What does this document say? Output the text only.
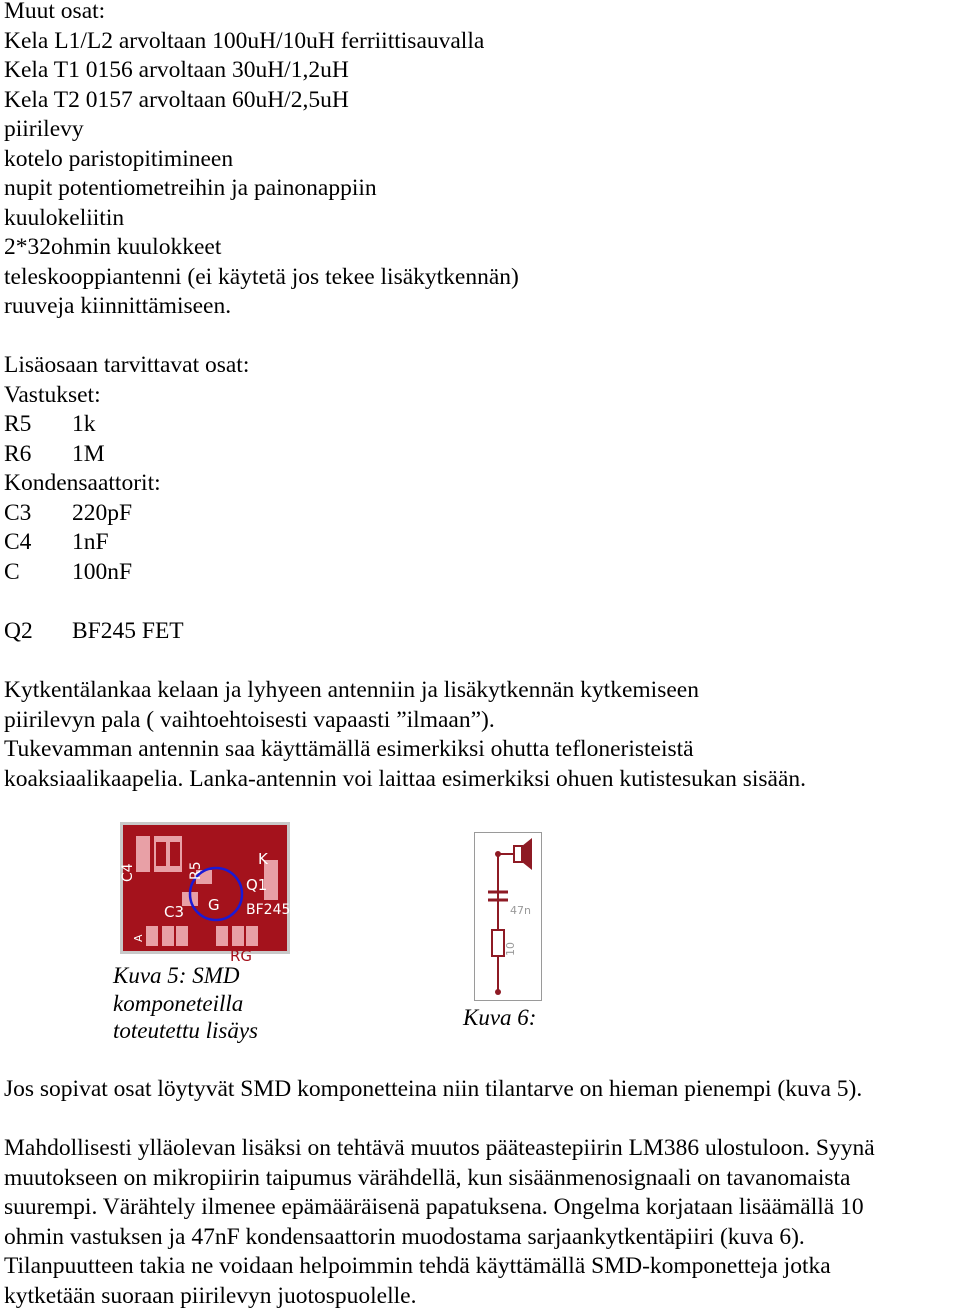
Muut osat:
Kela L1/L2 arvoltaan 100uH/10uH ferriittisauvalla
Kela T1 0156 arvoltaan 30uH/1,2uH
Kela T2 0157 arvoltaan 60uH/2,5uH
piirilevy
kotelo paristopitimineen
nupit potentiometreihin ja painonappiin
kuulokeliitin
2*32ohmin kuulokkeet
teleskooppiantenni (ei käytetä jos tekee lisäkytkennän)
ruuveja kiinnittämiseen.
Lisäosaan tarvittavat osat:
Vastukset:
R5 1k
R6 1M
Kondensaattorit:
C3 220pF
C4 1nF
C 100nF
Q2 BF245 FET
Kytkentälankaa kelaan ja lyhyeen antenniin ja lisäkytkennän kytkemiseen
piirilevyn pala ( vaihtoehtoisesti vapaasti ”ilmaan”).
Tukevamman antennin saa käyttämällä esimerkiksi ohutta tefloneristeistä
koaksiaalikaapelia. Lanka-antennin voi laittaa esimerkiksi ohuen kutistesukan sisään.
C4	R5
K
Q1
G
C3	BF245
A
RG
Kuva 5: SMD
komponeteilla
toteutettu lisäys
47n
10
Kuva 6:
Jos sopivat osat löytyvät SMD komponetteina niin tilantarve on hieman pienempi (kuva 5).
Mahdollisesti ylläolevan lisäksi on tehtävä muutos pääteastepiirin LM386 ulostuloon. Syynä
muutokseen on mikropiirin taipumus värähdellä, kun sisäänmenosignaali on tavanomaista
suurempi. Värähtely ilmenee epämääräisenä papatuksena. Ongelma korjataan lisäämällä 10
ohmin vastuksen ja 47nF kondensaattorin muodostama sarjaankytkentäpiiri (kuva 6).
Tilanpuutteen takia ne voidaan helpoimmin tehdä käyttämällä SMD-komponetteja jotka
kytketään suoraan piirilevyn juotospuolelle.
